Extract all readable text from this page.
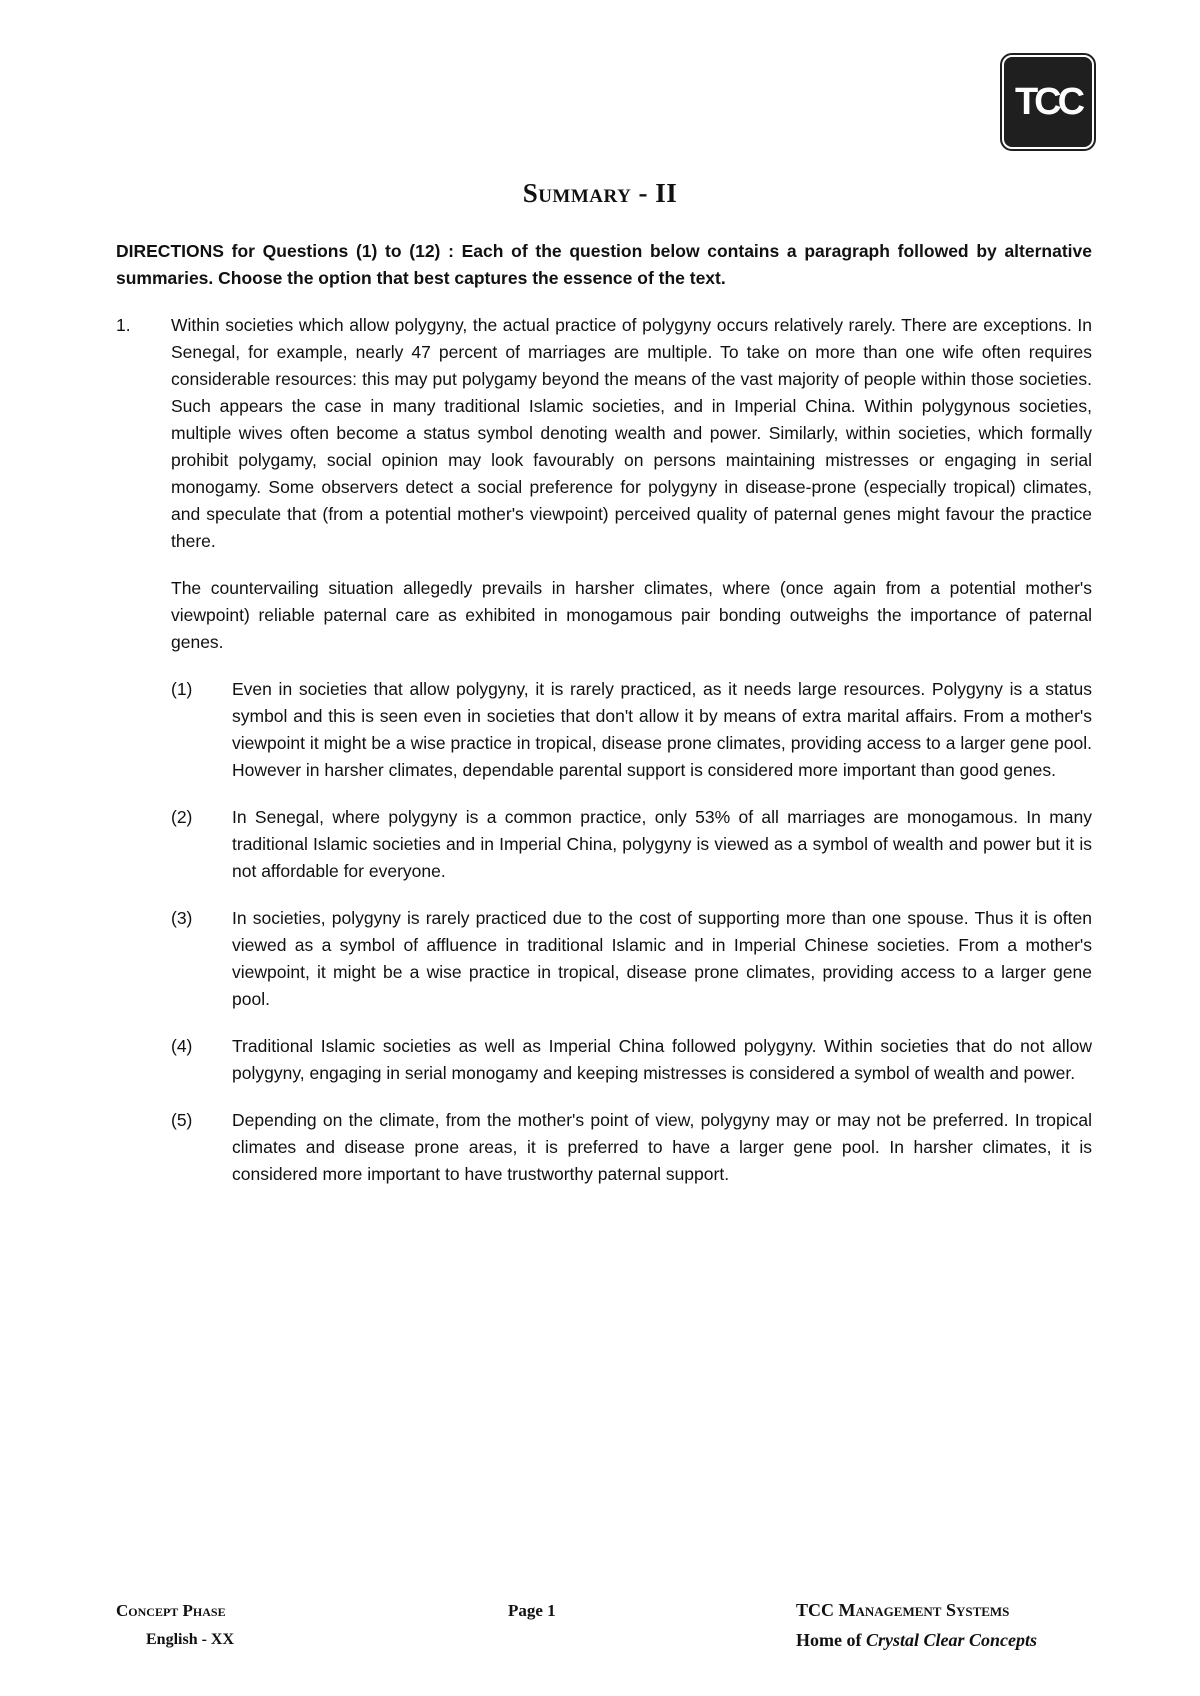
TCC
Summary - II
DIRECTIONS for Questions (1) to (12) : Each of the question below contains a paragraph followed by alternative summaries. Choose the option that best captures the essence of the text.
1. Within societies which allow polygyny, the actual practice of polygyny occurs relatively rarely. There are exceptions. In Senegal, for example, nearly 47 percent of marriages are multiple. To take on more than one wife often requires considerable resources: this may put polygamy beyond the means of the vast majority of people within those societies. Such appears the case in many traditional Islamic societies, and in Imperial China. Within polygynous societies, multiple wives often become a status symbol denoting wealth and power. Similarly, within societies, which formally prohibit polygamy, social opinion may look favourably on persons maintaining mistresses or engaging in serial monogamy. Some observers detect a social preference for polygyny in disease-prone (especially tropical) climates, and speculate that (from a potential mother's viewpoint) perceived quality of paternal genes might favour the practice there.

The countervailing situation allegedly prevails in harsher climates, where (once again from a potential mother's viewpoint) reliable paternal care as exhibited in monogamous pair bonding outweighs the importance of paternal genes.

(1)	Even in societies that allow polygyny, it is rarely practiced, as it needs large resources. Polygyny is a status symbol and this is seen even in societies that don't allow it by means of extra marital affairs. From a mother's viewpoint it might be a wise practice in tropical, disease prone climates, providing access to a larger gene pool. However in harsher climates, dependable parental support is considered more important than good genes.
(2)	In Senegal, where polygyny is a common practice, only 53% of all marriages are monogamous. In many traditional Islamic societies and in Imperial China, polygyny is viewed as a symbol of wealth and power but it is not affordable for everyone.
(3)	In societies, polygyny is rarely practiced due to the cost of supporting more than one spouse. Thus it is often viewed as a symbol of affluence in traditional Islamic and in Imperial Chinese societies. From a mother's viewpoint, it might be a wise practice in tropical, disease prone climates, providing access to a larger gene pool.
(4)	Traditional Islamic societies as well as Imperial China followed polygyny. Within societies that do not allow polygyny, engaging in serial monogamy and keeping mistresses is considered a symbol of wealth and power.
(5)	Depending on the climate, from the mother's point of view, polygyny may or may not be preferred. In tropical climates and disease prone areas, it is preferred to have a larger gene pool. In harsher climates, it is considered more important to have trustworthy paternal support.
Concept Phase
English - XX
Page 1	TCC Management Systems
Home of Crystal Clear Concepts
